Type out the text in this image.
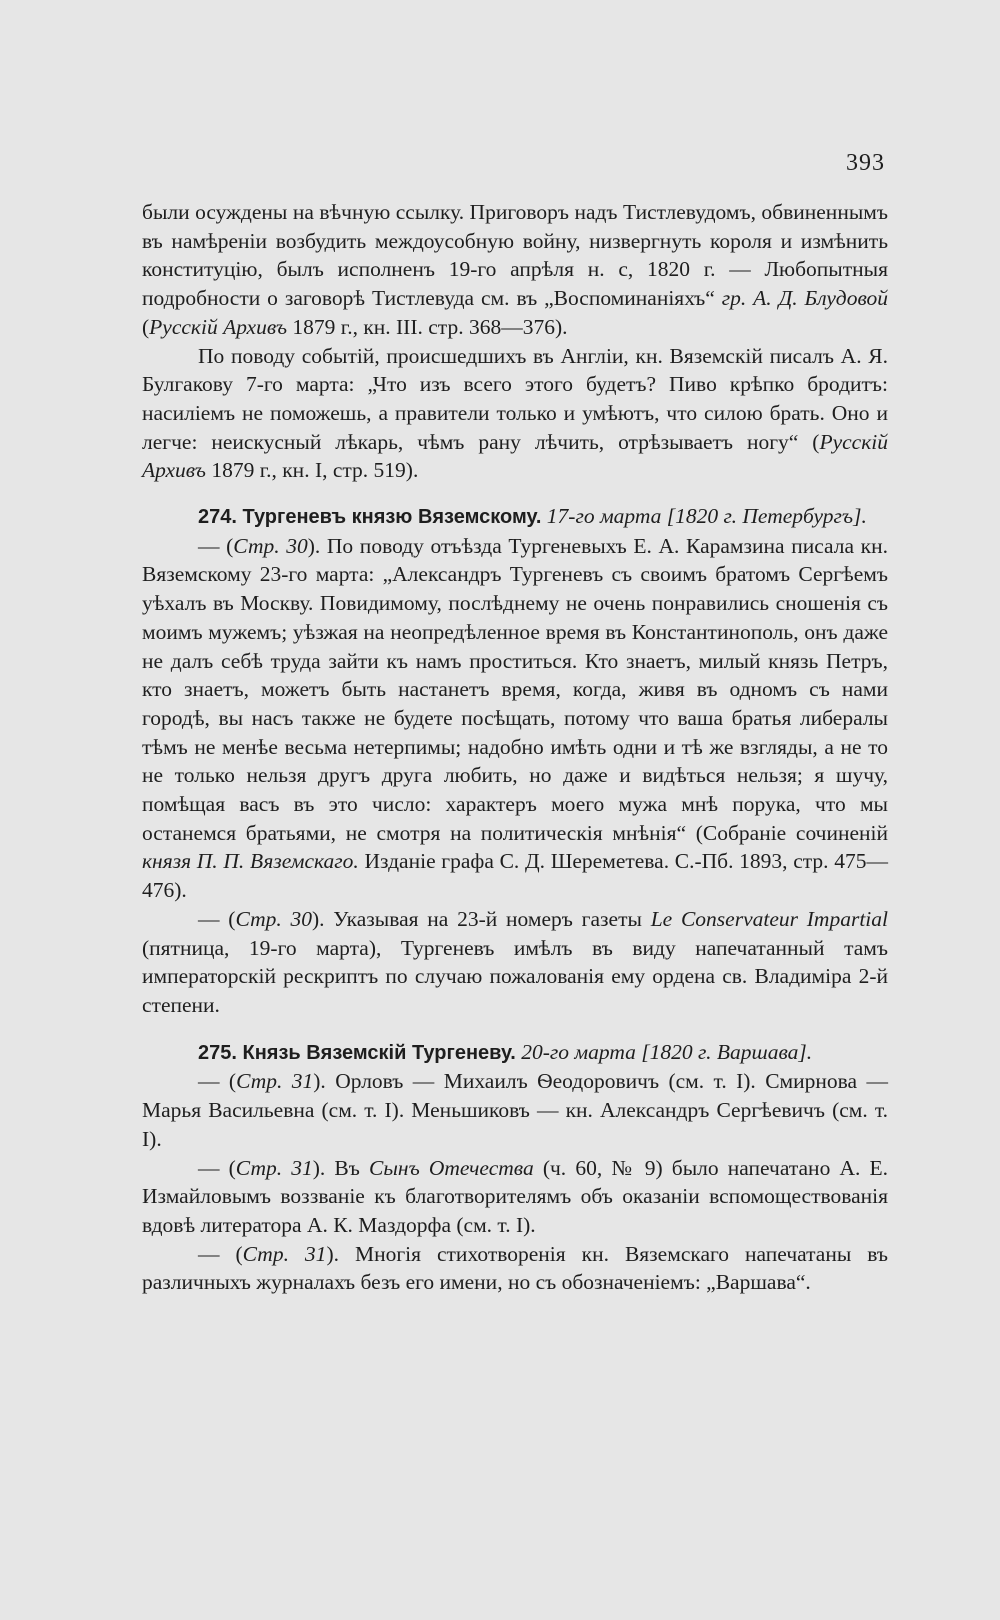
393

были осуждены на вѣчную ссылку. Приговоръ надъ Тистлевудомъ, обвиненнымъ въ намѣреніи возбудить междоусобную войну, низвергнуть короля и измѣнить конституцію, былъ исполненъ 19-го апрѣля н. с, 1820 г. — Любопытныя подробности о заговорѣ Тистлевуда см. въ „Воспоминаніяхъ“ гр. А. Д. Блудовой (Русскій Архивъ 1879 г., кн. III. стр. 368—376).

По поводу событій, происшедшихъ въ Англіи, кн. Вяземскій писалъ А. Я. Булгакову 7-го марта: „Что изъ всего этого будетъ? Пиво крѣпко бродитъ: насиліемъ не поможешь, а правители только и умѣютъ, что силою брать. Оно и легче: неискусный лѣкарь, чѣмъ рану лѣчить, отрѣзываетъ ногу“ (Русскій Архивъ 1879 г., кн. I, стр. 519).

274. Тургеневъ князю Вяземскому. 17-го марта [1820 г. Петербургъ].

— (Стр. 30). По поводу отъѣзда Тургеневыхъ Е. А. Карамзина писала кн. Вяземскому 23-го марта: „Александръ Тургеневъ съ своимъ братомъ Сергѣемъ уѣхалъ въ Москву. Повидимому, послѣднему не очень понравились сношенія съ моимъ мужемъ; уѣзжая на неопредѣленное время въ Константинополь, онъ даже не далъ себѣ труда зайти къ намъ проститься. Кто знаетъ, милый князь Петръ, кто знаетъ, можетъ быть настанетъ время, когда, живя въ одномъ съ нами городѣ, вы насъ также не будете посѣщать, потому что ваша братья либералы тѣмъ не менѣе весьма нетерпимы; надобно имѣть одни и тѣ же взгляды, а не то не только нельзя другъ друга любить, но даже и видѣться нельзя; я шучу, помѣщая васъ въ это число: характеръ моего мужа мнѣ порука, что мы останемся братьями, не смотря на политическія мнѣнія“ (Собраніе сочиненій князя П. П. Вяземскаго. Изданіе графа С. Д. Шереметева. С.-Пб. 1893, стр. 475—476).

— (Стр. 30). Указывая на 23-й номеръ газеты Le Conservateur Impartial (пятница, 19-го марта), Тургеневъ имѣлъ въ виду напечатанный тамъ императорскій рескриптъ по случаю пожалованія ему ордена св. Владиміра 2-й степени.

275. Князь Вяземскій Тургеневу. 20-го марта [1820 г. Варшава].

— (Стр. 31). Орловъ — Михаилъ Ѳеодоровичъ (см. т. I). Смирнова — Марья Васильевна (см. т. I). Меньшиковъ — кн. Александръ Сергѣевичъ (см. т. I).

— (Стр. 31). Въ Сынъ Отечества (ч. 60, № 9) было напечатано А. Е. Измайловымъ воззваніе къ благотворителямъ объ оказаніи вспомоществованія вдовѣ литератора А. К. Маздорфа (см. т. I).

— (Стр. 31). Многія стихотворенія кн. Вяземскаго напечатаны въ различныхъ журналахъ безъ его имени, но съ обозначеніемъ: „Варшава“.
